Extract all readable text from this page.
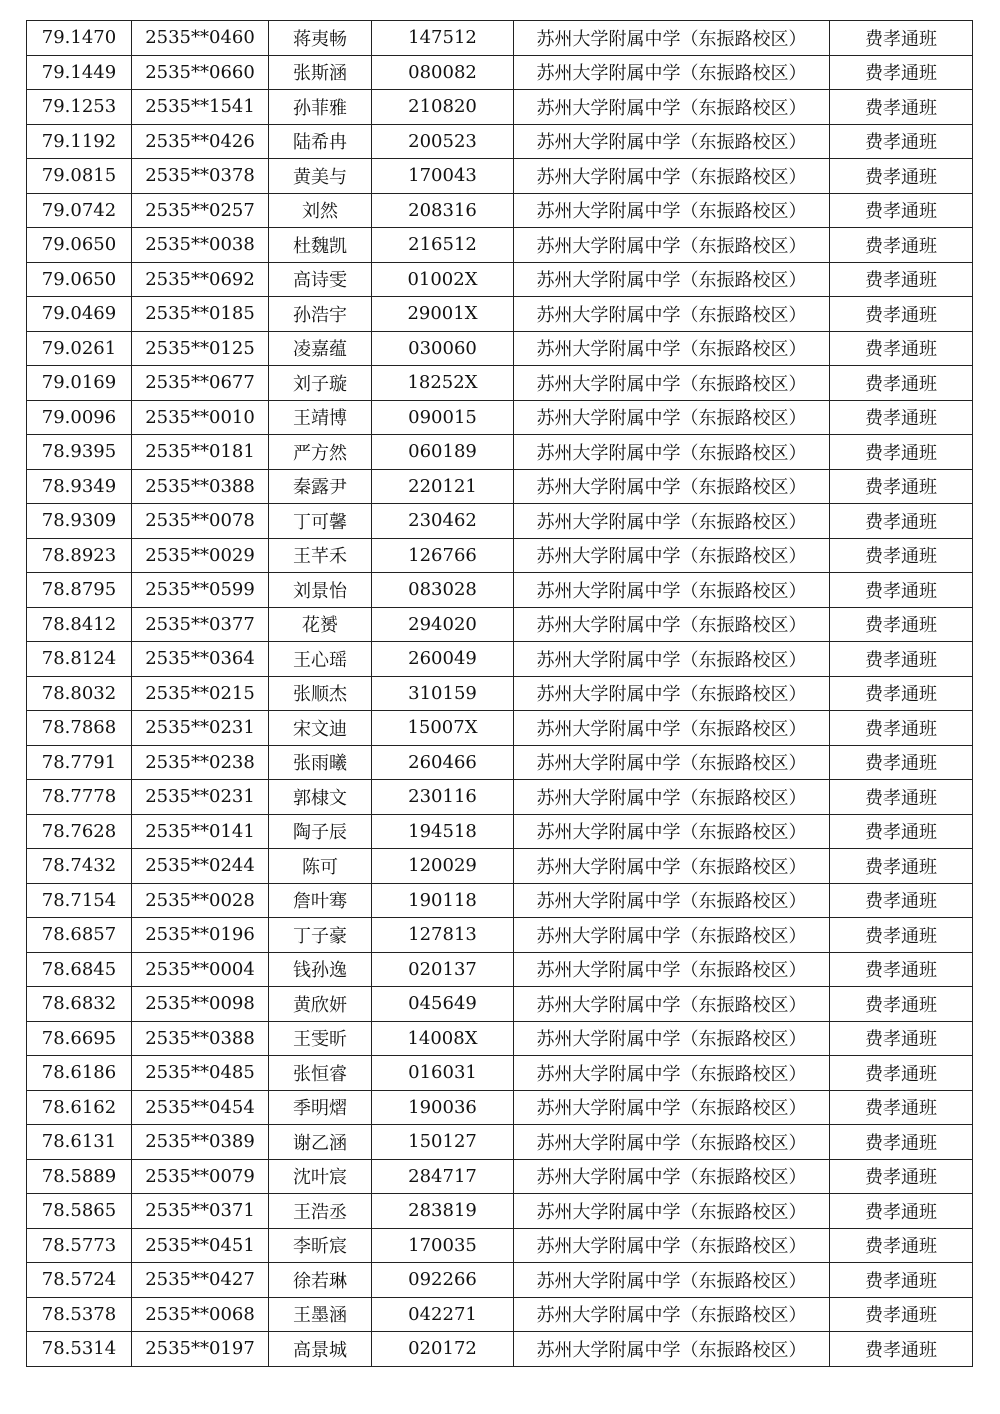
79.1470	2535**0460	蒋夷畅	147512	苏州大学附属中学（东振路校区）	费孝通班
79.1449	2535**0660	张斯涵	080082	苏州大学附属中学（东振路校区）	费孝通班
79.1253	2535**1541	孙菲雅	210820	苏州大学附属中学（东振路校区）	费孝通班
79.1192	2535**0426	陆希冉	200523	苏州大学附属中学（东振路校区）	费孝通班
79.0815	2535**0378	黄美与	170043	苏州大学附属中学（东振路校区）	费孝通班
79.0742	2535**0257	刘然	208316	苏州大学附属中学（东振路校区）	费孝通班
79.0650	2535**0038	杜魏凯	216512	苏州大学附属中学（东振路校区）	费孝通班
79.0650	2535**0692	高诗雯	01002X	苏州大学附属中学（东振路校区）	费孝通班
79.0469	2535**0185	孙浩宇	29001X	苏州大学附属中学（东振路校区）	费孝通班
79.0261	2535**0125	凌嘉蕴	030060	苏州大学附属中学（东振路校区）	费孝通班
79.0169	2535**0677	刘子璇	18252X	苏州大学附属中学（东振路校区）	费孝通班
79.0096	2535**0010	王靖博	090015	苏州大学附属中学（东振路校区）	费孝通班
78.9395	2535**0181	严方然	060189	苏州大学附属中学（东振路校区）	费孝通班
78.9349	2535**0388	秦露尹	220121	苏州大学附属中学（东振路校区）	费孝通班
78.9309	2535**0078	丁可馨	230462	苏州大学附属中学（东振路校区）	费孝通班
78.8923	2535**0029	王芊禾	126766	苏州大学附属中学（东振路校区）	费孝通班
78.8795	2535**0599	刘景怡	083028	苏州大学附属中学（东振路校区）	费孝通班
78.8412	2535**0377	花赟	294020	苏州大学附属中学（东振路校区）	费孝通班
78.8124	2535**0364	王心瑶	260049	苏州大学附属中学（东振路校区）	费孝通班
78.8032	2535**0215	张顺杰	310159	苏州大学附属中学（东振路校区）	费孝通班
78.7868	2535**0231	宋文迪	15007X	苏州大学附属中学（东振路校区）	费孝通班
78.7791	2535**0238	张雨曦	260466	苏州大学附属中学（东振路校区）	费孝通班
78.7778	2535**0231	郭棣文	230116	苏州大学附属中学（东振路校区）	费孝通班
78.7628	2535**0141	陶子辰	194518	苏州大学附属中学（东振路校区）	费孝通班
78.7432	2535**0244	陈可	120029	苏州大学附属中学（东振路校区）	费孝通班
78.7154	2535**0028	詹叶骞	190118	苏州大学附属中学（东振路校区）	费孝通班
78.6857	2535**0196	丁子豪	127813	苏州大学附属中学（东振路校区）	费孝通班
78.6845	2535**0004	钱孙逸	020137	苏州大学附属中学（东振路校区）	费孝通班
78.6832	2535**0098	黄欣妍	045649	苏州大学附属中学（东振路校区）	费孝通班
78.6695	2535**0388	王雯昕	14008X	苏州大学附属中学（东振路校区）	费孝通班
78.6186	2535**0485	张恒睿	016031	苏州大学附属中学（东振路校区）	费孝通班
78.6162	2535**0454	季明熠	190036	苏州大学附属中学（东振路校区）	费孝通班
78.6131	2535**0389	谢乙涵	150127	苏州大学附属中学（东振路校区）	费孝通班
78.5889	2535**0079	沈叶宸	284717	苏州大学附属中学（东振路校区）	费孝通班
78.5865	2535**0371	王浩丞	283819	苏州大学附属中学（东振路校区）	费孝通班
78.5773	2535**0451	李昕宸	170035	苏州大学附属中学（东振路校区）	费孝通班
78.5724	2535**0427	徐若琳	092266	苏州大学附属中学（东振路校区）	费孝通班
78.5378	2535**0068	王墨涵	042271	苏州大学附属中学（东振路校区）	费孝通班
78.5314	2535**0197	高景城	020172	苏州大学附属中学（东振路校区）	费孝通班
